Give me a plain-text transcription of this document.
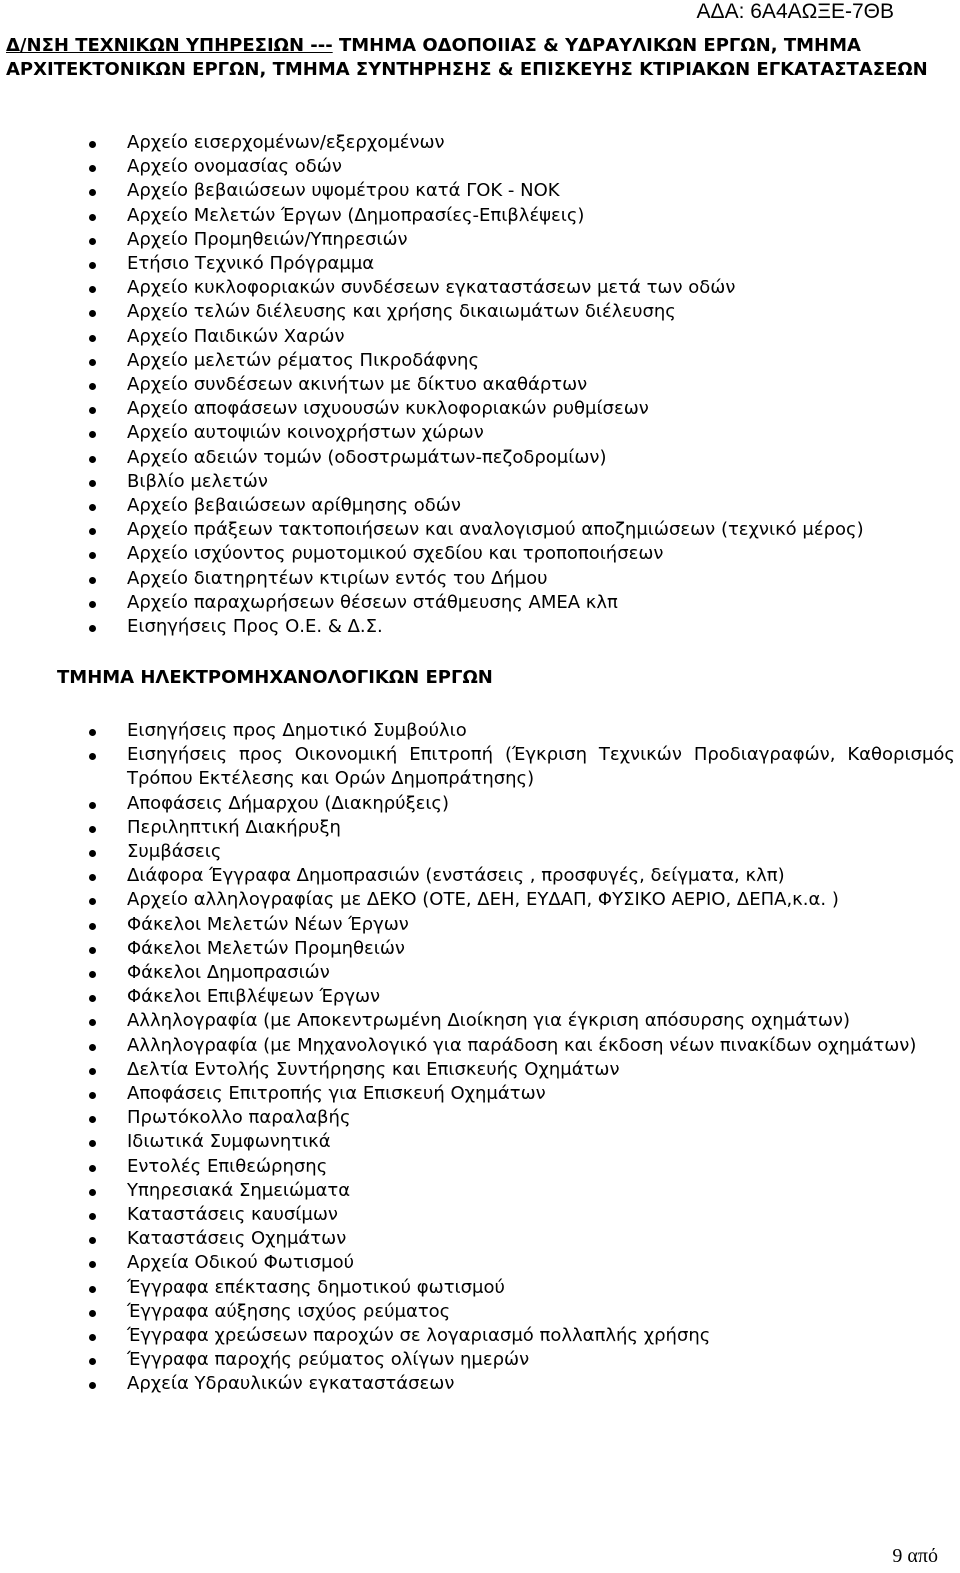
ΑΔΑ: 6Α4ΑΩΞΕ-7ΘΒ

Δ/ΝΣΗ ΤΕΧΝΙΚΩΝ ΥΠΗΡΕΣΙΩΝ --- ΤΜΗΜΑ ΟΔΟΠΟΙΙΑΣ & ΥΔΡΑΥΛΙΚΩΝ ΕΡΓΩΝ, ΤΜΗΜΑ ΑΡΧΙΤΕΚΤΟΝΙΚΩΝ ΕΡΓΩΝ, ΤΜΗΜΑ ΣΥΝΤΗΡΗΣΗΣ & ΕΠΙΣΚΕΥΗΣ ΚΤΙΡΙΑΚΩΝ ΕΓΚΑΤΑΣΤΑΣΕΩΝ

Αρχείο εισερχομένων/εξερχομένων
Αρχείο ονομασίας οδών
Αρχείο βεβαιώσεων υψομέτρου κατά ΓΟΚ - ΝΟΚ
Αρχείο Μελετών Έργων (Δημοπρασίες-Επιβλέψεις)
Αρχείο Προμηθειών/Υπηρεσιών
Ετήσιο Τεχνικό Πρόγραμμα
Αρχείο κυκλοφοριακών συνδέσεων εγκαταστάσεων μετά των οδών
Αρχείο τελών διέλευσης και χρήσης δικαιωμάτων διέλευσης
Αρχείο Παιδικών Χαρών
Αρχείο μελετών ρέματος Πικροδάφνης
Αρχείο συνδέσεων ακινήτων με δίκτυο ακαθάρτων
Αρχείο αποφάσεων ισχυουσών κυκλοφοριακών ρυθμίσεων
Αρχείο αυτοψιών κοινοχρήστων χώρων
Αρχείο αδειών τομών (οδοστρωμάτων-πεζοδρομίων)
Βιβλίο μελετών
Αρχείο βεβαιώσεων αρίθμησης οδών
Αρχείο πράξεων τακτοποιήσεων και αναλογισμού αποζημιώσεων (τεχνικό μέρος)
Αρχείο ισχύοντος ρυμοτομικού σχεδίου και τροποποιήσεων
Αρχείο διατηρητέων κτιρίων εντός του Δήμου
Αρχείο παραχωρήσεων θέσεων στάθμευσης ΑΜΕΑ κλπ
Εισηγήσεις Προς Ο.Ε. & Δ.Σ.

ΤΜΗΜΑ ΗΛΕΚΤΡΟΜΗΧΑΝΟΛΟΓΙΚΩΝ ΕΡΓΩΝ

Εισηγήσεις προς Δημοτικό Συμβούλιο
Εισηγήσεις προς Οικονομική Επιτροπή (Έγκριση Τεχνικών Προδιαγραφών, Καθορισμός Τρόπου Εκτέλεσης και Ορών Δημοπράτησης)
Αποφάσεις Δήμαρχου (Διακηρύξεις)
Περιληπτική Διακήρυξη
Συμβάσεις
Διάφορα Έγγραφα Δημοπρασιών (ενστάσεις , προσφυγές, δείγματα, κλπ)
Αρχείο αλληλογραφίας με ΔΕΚΟ (ΟΤΕ, ΔΕΗ, ΕΥΔΑΠ, ΦΥΣΙΚΟ ΑΕΡΙΟ, ΔΕΠΑ,κ.α. )
Φάκελοι Μελετών Νέων Έργων
Φάκελοι Μελετών Προμηθειών
Φάκελοι Δημοπρασιών
Φάκελοι Επιβλέψεων Έργων
Αλληλογραφία (με Αποκεντρωμένη Διοίκηση για έγκριση απόσυρσης οχημάτων)
Αλληλογραφία (με Μηχανολογικό για παράδοση και έκδοση νέων πινακίδων οχημάτων)
Δελτία Εντολής Συντήρησης και Επισκευής Οχημάτων
Αποφάσεις Επιτροπής για Επισκευή Οχημάτων
Πρωτόκολλο παραλαβής
Ιδιωτικά Συμφωνητικά
Εντολές Επιθεώρησης
Υπηρεσιακά Σημειώματα
Καταστάσεις καυσίμων
Καταστάσεις Οχημάτων
Αρχεία Οδικού Φωτισμού
Έγγραφα επέκτασης δημοτικού φωτισμού
Έγγραφα αύξησης ισχύος ρεύματος
Έγγραφα χρεώσεων παροχών σε λογαριασμό πολλαπλής χρήσης
Έγγραφα παροχής ρεύματος ολίγων ημερών
Αρχεία Υδραυλικών εγκαταστάσεων
9 από
